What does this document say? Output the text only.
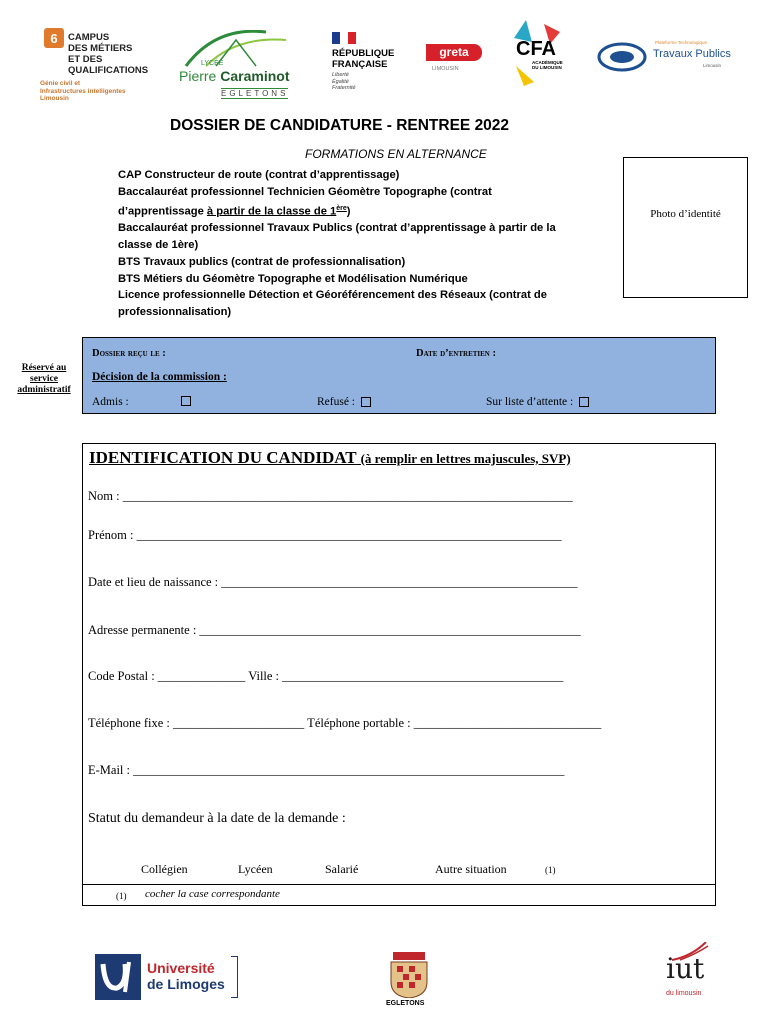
6 CAMPUS
DES MÉTIERS
ET DES
QUALIFICATIONS
Génie civil et
Infrastructures intelligentes
Limousin
LYCÉE
Pierre Caraminot
EGLETONS
RÉPUBLIQUE
FRANÇAISE
Liberté
Égalité
Fraternité
greta
LIMOUSIN
CFA
ACADÉMIQUE DU LIMOUSIN
Plateforme Technologique
Travaux Publics
Limousin
DOSSIER DE CANDIDATURE - RENTREE 2022
FORMATIONS EN ALTERNANCE
CAP Constructeur de route (contrat d’apprentissage)
Baccalauréat professionnel Technicien Géomètre Topographe (contrat
d’apprentissage à partir de la classe de 1ère)
Baccalauréat professionnel Travaux Publics (contrat d’apprentissage à partir de la
classe de 1ère)
BTS Travaux publics (contrat de professionnalisation)
BTS Métiers du Géomètre Topographe et Modélisation Numérique
Licence professionnelle Détection et Géoréférencement des Réseaux (contrat de
professionnalisation)
Photo d’identité
Réservé au service administratif
Dossier reçu le :	Date d’entretien :
Décision de la commission :
Admis :	Refusé :	Sur liste d’attente :
IDENTIFICATION DU CANDIDAT (à remplir en lettres majuscules, SVP)
Nom : ________________________________________________________________________
Prénom : ____________________________________________________________________
Date et lieu de naissance : _________________________________________________________
Adresse permanente : _____________________________________________________________
Code Postal : ______________ Ville : _____________________________________________
Téléphone fixe : _____________________ Téléphone portable : ______________________________
E-Mail : _____________________________________________________________________
Statut du demandeur à la date de la demande :
Collégien	Lycéen	Salarié	Autre situation	(1)
(1) cocher la case correspondante
Université
de Limoges
EGLETONS
iut
du limousin
